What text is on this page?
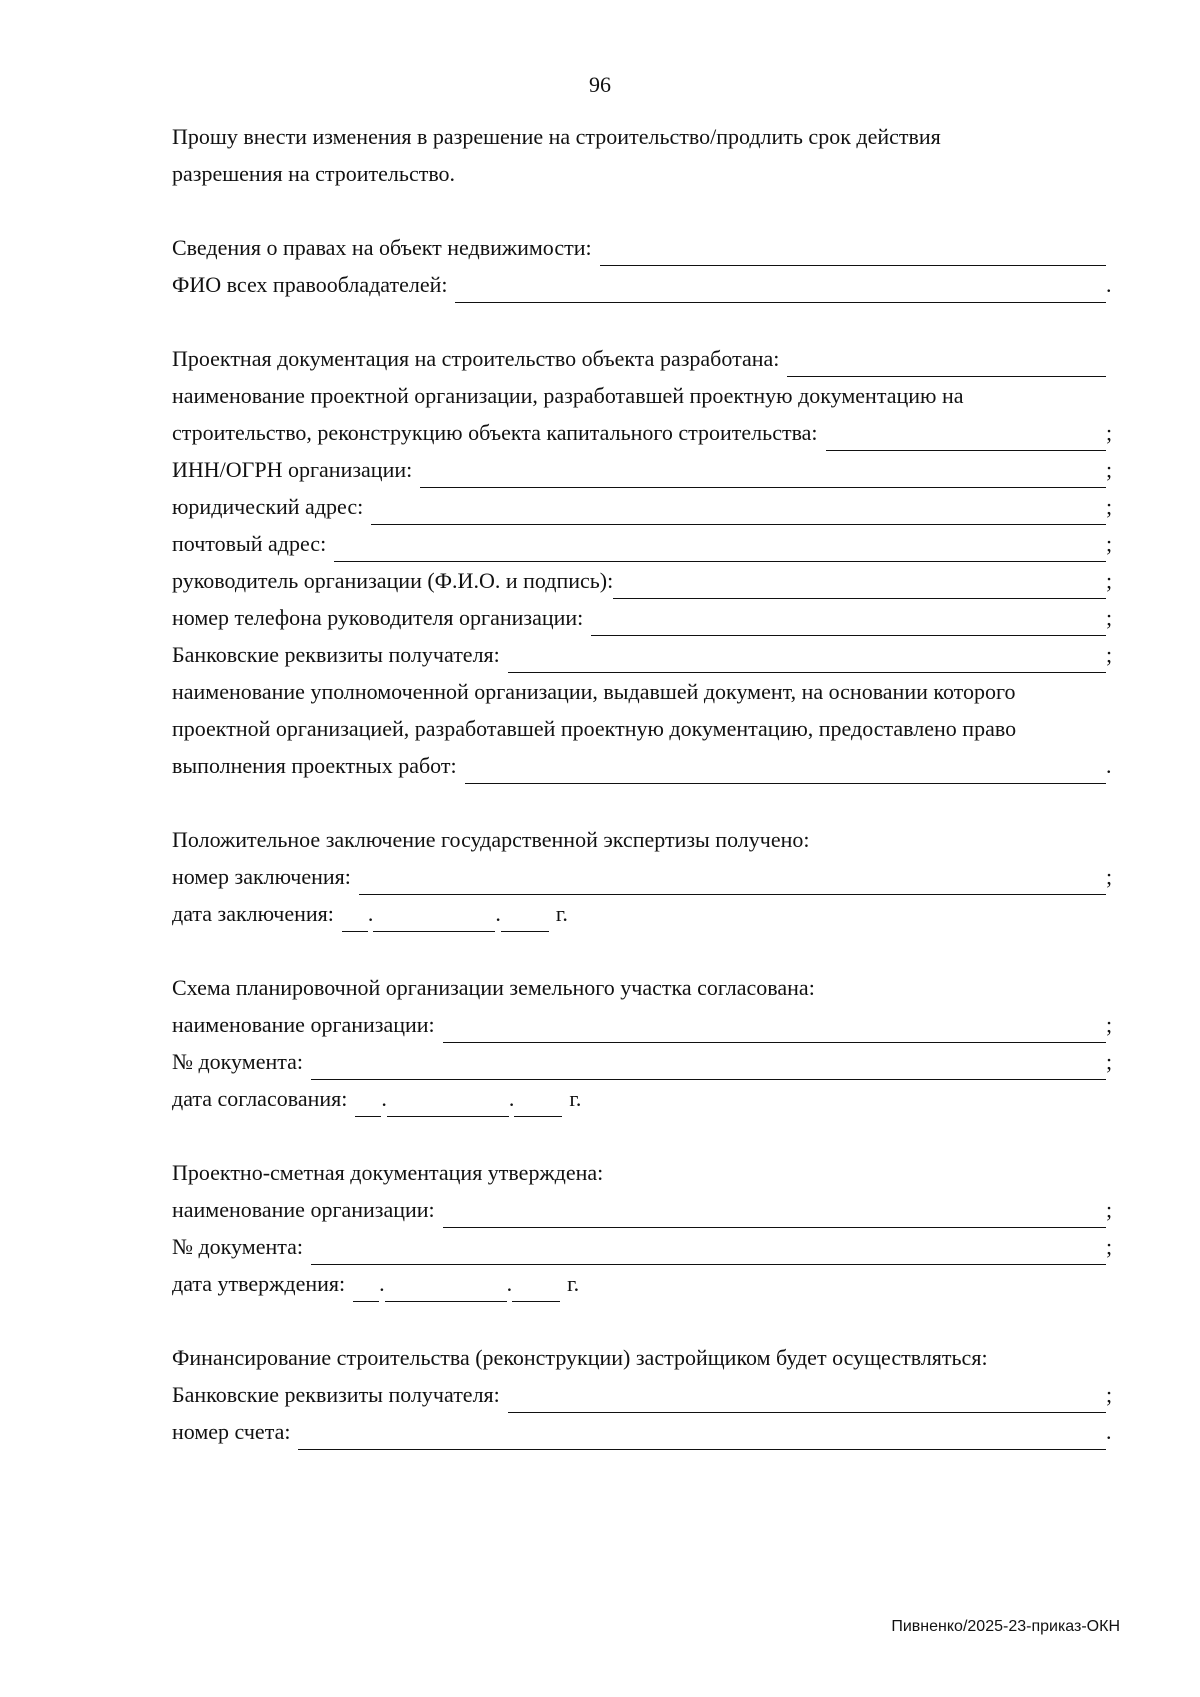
96
Прошу внести изменения в разрешение на строительство/продлить срок действия
разрешения на строительство.
Сведения о правах на объект недвижимости:
ФИО всех правообладателей:	.
Проектная документация на строительство объекта разработана:
наименование проектной организации, разработавшей проектную документацию на
строительство, реконструкцию объекта капитального строительства:	;
ИНН/ОГРН организации:	;
юридический адрес:	;
почтовый адрес:	;
руководитель организации (Ф.И.О. и подпись):	;
номер телефона руководителя организации:	;
Банковские реквизиты получателя:	;
наименование уполномоченной организации, выдавшей документ, на основании которого
проектной организацией, разработавшей проектную документацию, предоставлено право
выполнения проектных работ:	.
Положительное заключение государственной экспертизы получено:
номер заключения:	;
дата заключения: .	.	г.
Схема планировочной организации земельного участка согласована:
наименование организации:	;
№ документа:	;
дата согласования: .	.	г.
Проектно-сметная документация утверждена:
наименование организации:	;
№ документа:	;
дата утверждения: .	.	г.
Финансирование строительства (реконструкции) застройщиком будет осуществляться:
Банковские реквизиты получателя:	;
номер счета:	.
Пивненко/2025-23-приказ-ОКН
